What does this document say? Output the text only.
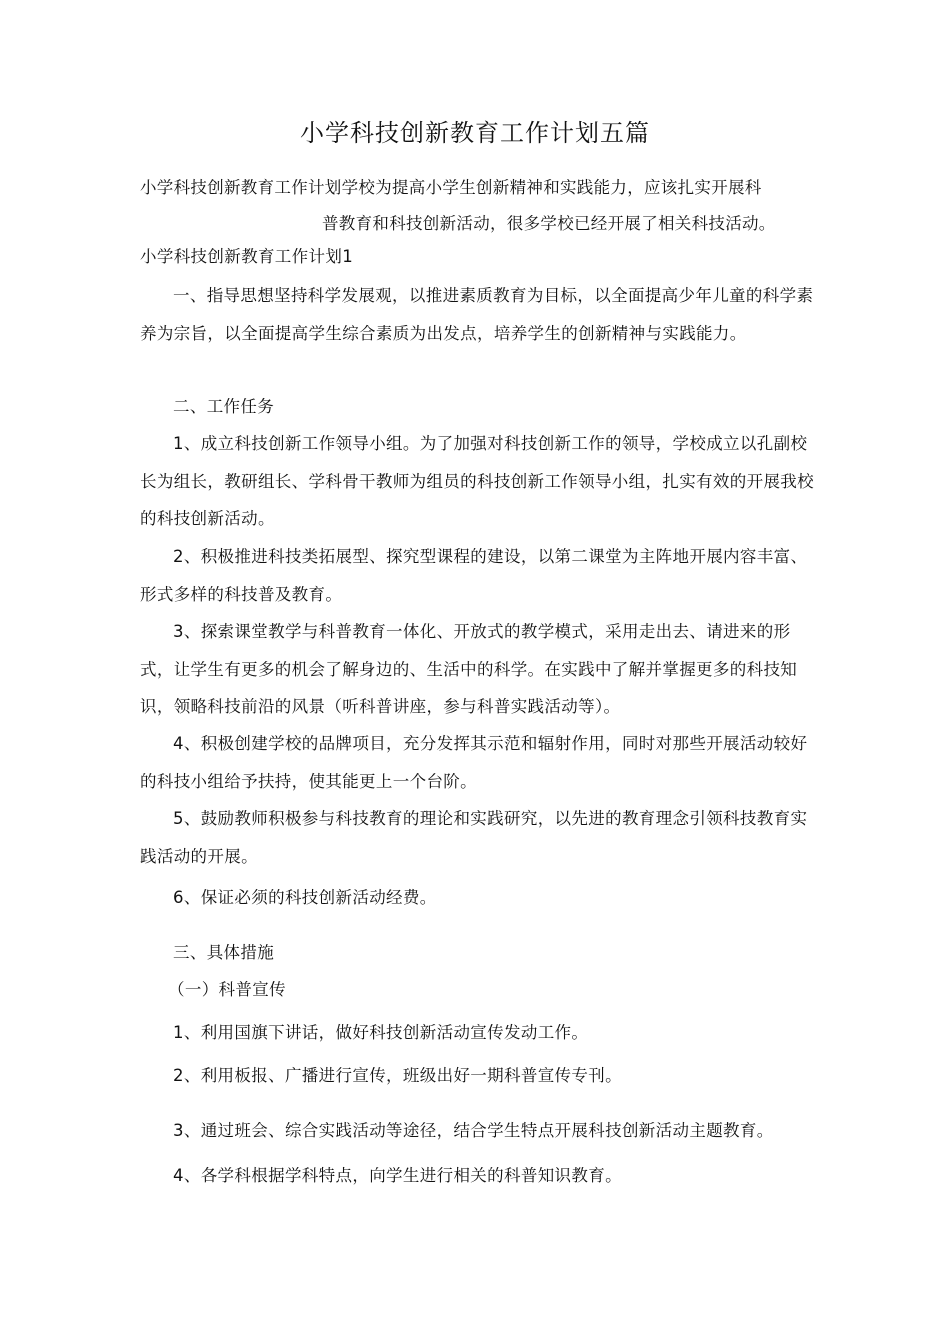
小学科技创新教育工作计划五篇
小学科技创新教育工作计划学校为提高小学生创新精神和实践能力，应该扎实开展科
普教育和科技创新活动，很多学校已经开展了相关科技活动。
小学科技创新教育工作计划1
一、指导思想坚持科学发展观，以推进素质教育为目标，以全面提高少年儿童的科学素养为宗旨，以全面提高学生综合素质为出发点，培养学生的创新精神与实践能力。
二、工作任务
1、成立科技创新工作领导小组。为了加强对科技创新工作的领导，学校成立以孔副校长为组长，教研组长、学科骨干教师为组员的科技创新工作领导小组，扎实有效的开展我校的科技创新活动。
2、积极推进科技类拓展型、探究型课程的建设，以第二课堂为主阵地开展内容丰富、形式多样的科技普及教育。
3、探索课堂教学与科普教育一体化、开放式的教学模式，采用走出去、请进来的形式，让学生有更多的机会了解身边的、生活中的科学。在实践中了解并掌握更多的科技知识，领略科技前沿的风景（听科普讲座，参与科普实践活动等）。
4、积极创建学校的品牌项目，充分发挥其示范和辐射作用，同时对那些开展活动较好的科技小组给予扶持，使其能更上一个台阶。
5、鼓励教师积极参与科技教育的理论和实践研究，以先进的教育理念引领科技教育实践活动的开展。
6、保证必须的科技创新活动经费。
三、具体措施
（一）科普宣传
1、利用国旗下讲话，做好科技创新活动宣传发动工作。
2、利用板报、广播进行宣传，班级出好一期科普宣传专刊。
3、通过班会、综合实践活动等途径，结合学生特点开展科技创新活动主题教育。
4、各学科根据学科特点，向学生进行相关的科普知识教育。
